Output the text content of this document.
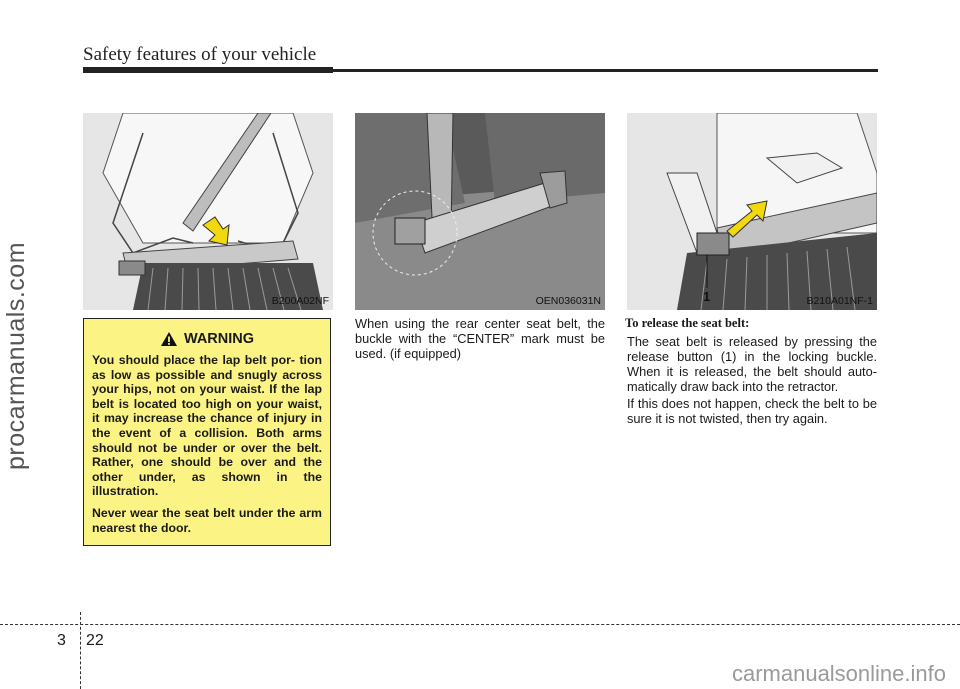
Safety features of your vehicle
procarmanuals.com	B200A02NF	OEN036031N	1	B210A01NF-1
WARNING

You should place the lap belt por- tion as low as possible and snugly across your hips, not on your waist. If the lap belt is located too high on your waist, it may increase the chance of injury in the event of a collision. Both arms should not be under or over the belt. Rather, one should be over and the other under, as shown in the illustration.

Never wear the seat belt under the arm nearest the door.

When using the rear center seat belt, the buckle with the “CENTER” mark must be used. (if equipped)

To release the seat belt:

The seat belt is released by pressing the release button (1) in the locking buckle. When it is released, the belt should auto- matically draw back into the retractor.

If this does not happen, check the belt to be sure it is not twisted, then try again.

3 22
carmanualsonline.info
